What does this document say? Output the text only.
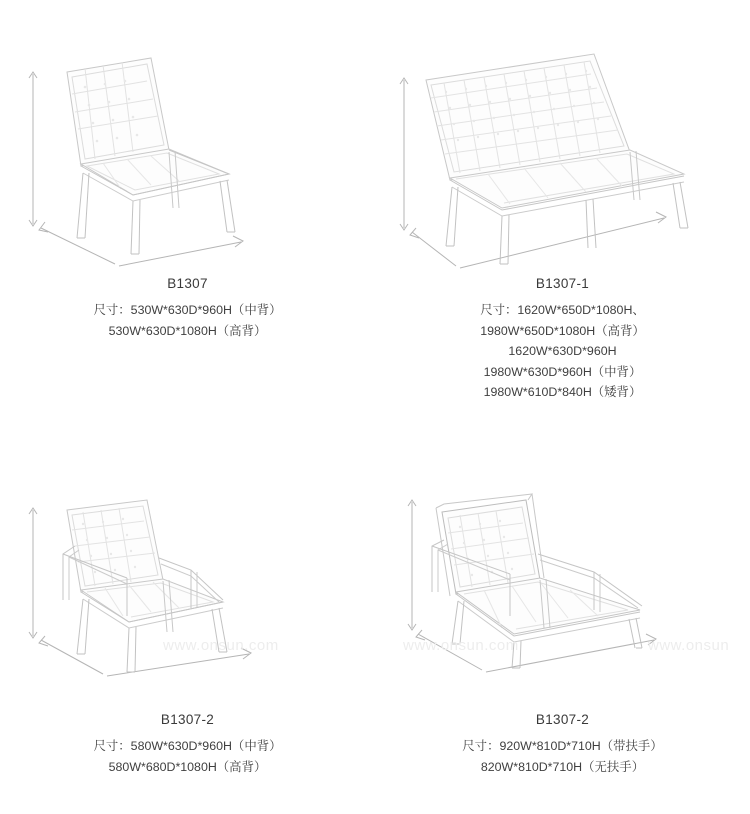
B1307
尺寸：530W*630D*960H（中背）
530W*630D*1080H（高背）
B1307-1
尺寸：1620W*650D*1080H、
1980W*650D*1080H（高背）
1620W*630D*960H
1980W*630D*960H（中背）
1980W*610D*840H（矮背）
B1307-2
尺寸：580W*630D*960H（中背）
580W*680D*1080H（高背）
B1307-2
尺寸：920W*810D*710H（带扶手）
820W*810D*710H（无扶手）
www.onsun.com	www.onsun.com	www.onsun
